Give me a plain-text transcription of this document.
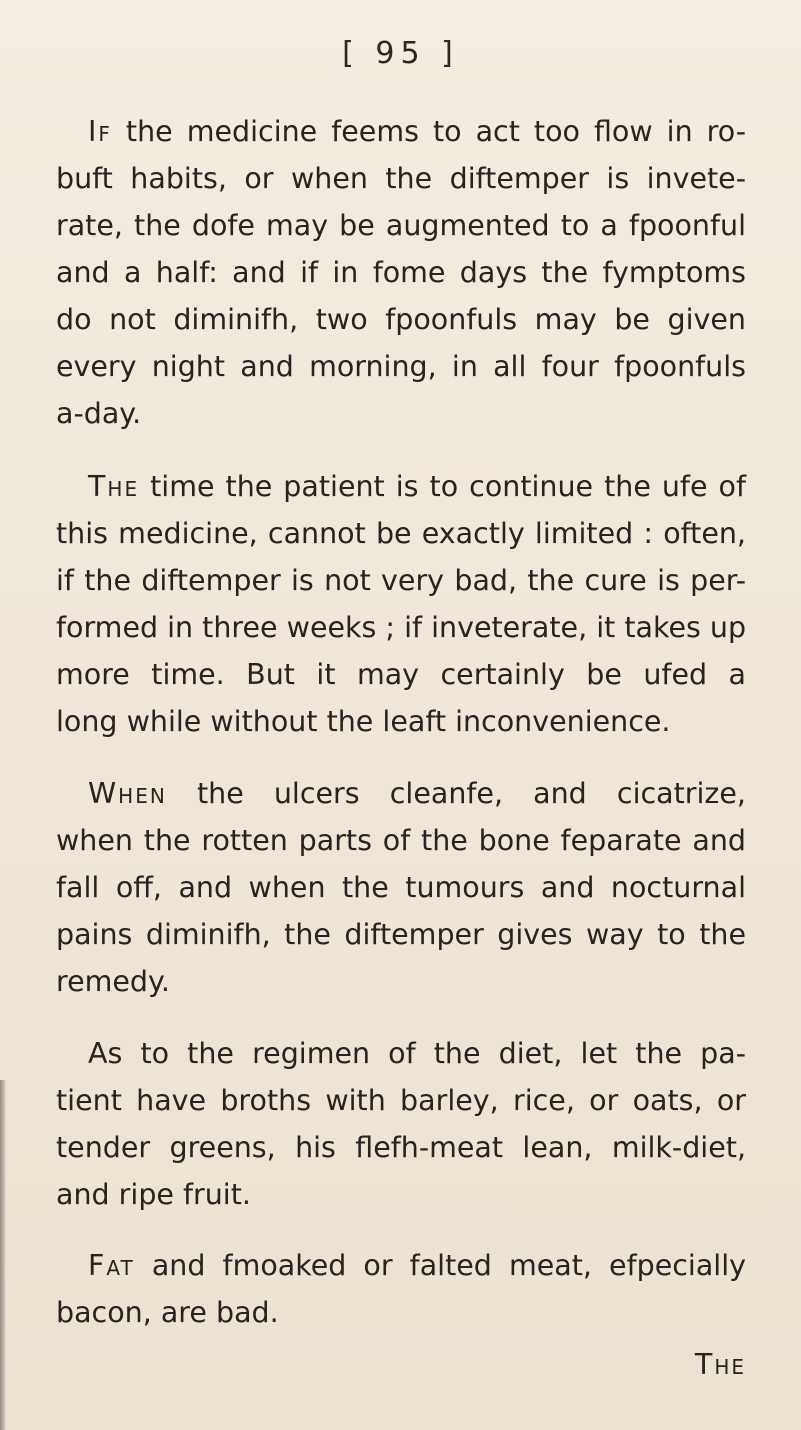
[ 95 ]
If the medicine feems to act too flow in ro-
buft habits, or when the diftemper is invete-
rate, the dofe may be augmented to a fpoonful
and a half: and if in fome days the fymptoms
do not diminifh, two fpoonfuls may be given
every night and morning, in all four fpoonfuls
a-day.
The time the patient is to continue the ufe of
this medicine, cannot be exactly limited : often,
if the diftemper is not very bad, the cure is per-
formed in three weeks ; if inveterate, it takes up
more time. But it may certainly be ufed a
long while without the leaft inconvenience.
When the ulcers cleanfe, and cicatrize,
when the rotten parts of the bone feparate and
fall off, and when the tumours and nocturnal
pains diminifh, the diftemper gives way to the
remedy.
As to the regimen of the diet, let the pa-
tient have broths with barley, rice, or oats, or
tender greens, his flefh-meat lean, milk-diet,
and ripe fruit.
Fat and fmoaked or falted meat, efpecially
bacon, are bad.
The
